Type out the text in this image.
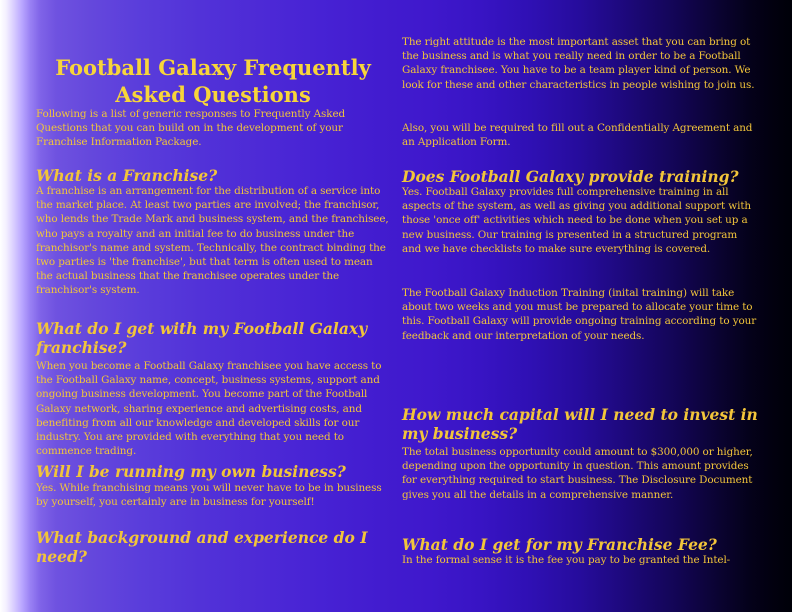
Football Galaxy Frequently Asked Questions

Following is a list of generic responses to Frequently Asked Questions that you can build on in the development of your Franchise Information Package.

What is a Franchise?

A franchise is an arrangement for the distribution of a service into the market place. At least two parties are involved; the franchisor, who lends the Trade Mark and business system, and the franchisee, who pays a royalty and an initial fee to do business under the franchisor's name and system. Technically, the contract binding the two parties is 'the franchise', but that term is often used to mean the actual business that the franchisee operates under the franchisor's system.

What do I get with my Football Galaxy franchise?

When you become a Football Galaxy franchisee you have access to the Football Galaxy name, concept, business systems, support and ongoing business development. You become part of the Football Galaxy network, sharing experience and advertising costs, and benefiting from all our knowledge and developed skills for our industry. You are provided with everything that you need to commence trading.

Will I be running my own business?

Yes. While franchising means you will never have to be in business by yourself, you certainly are in business for yourself!

What background and experience do I need?

The right attitude is the most important asset that you can bring ot the business and is what you really need in order to be a Football Galaxy franchisee. You have to be a team player kind of person. We look for these and other characteristics in people wishing to join us.

Also, you will be required to fill out a Confidentially Agreement and an Application Form.

Does Football Galaxy provide training?

Yes. Football Galaxy provides full comprehensive training in all aspects of the system, as well as giving you additional support with those 'once off' activities which need to be done when you set up a new business. Our training is presented in a structured program and we have checklists to make sure everything is covered.

The Football Galaxy Induction Training (inital training) will take about two weeks and you must be prepared to allocate your time to this. Football Galaxy will provide ongoing training according to your feedback and our interpretation of your needs.

How much capital will I need to invest in my business?

The total business opportunity could amount to $300,000 or higher, depending upon the opportunity in question. This amount provides for everything required to start business. The Disclosure Document gives you all the details in a comprehensive manner.

What do I get for my Franchise Fee?

In the formal sense it is the fee you pay to be granted the Intel-
